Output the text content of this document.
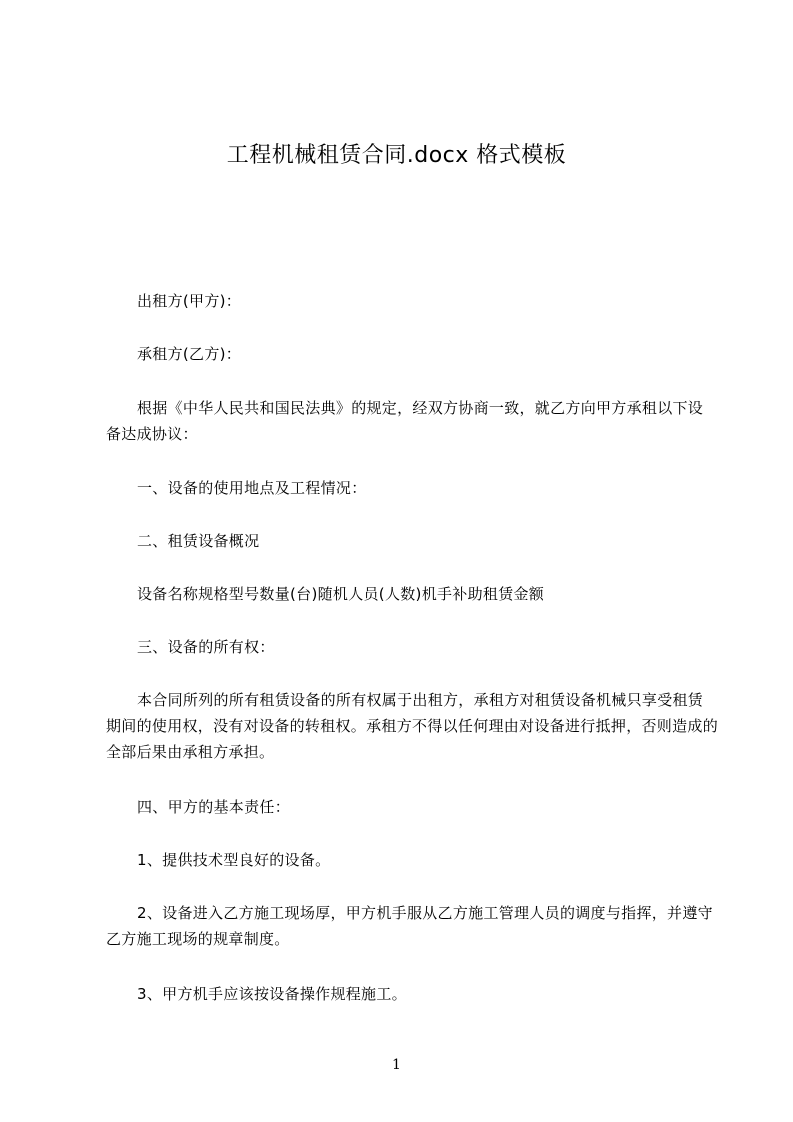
工程机械租赁合同.docx 格式模板

出租方(甲方)：

承租方(乙方)：

根据《中华人民共和国民法典》的规定，经双方协商一致，就乙方向甲方承租以下设备达成协议：

一、设备的使用地点及工程情况：

二、租赁设备概况

设备名称规格型号数量(台)随机人员(人数)机手补助租赁金额

三、设备的所有权：

本合同所列的所有租赁设备的所有权属于出租方，承租方对租赁设备机械只享受租赁期间的使用权，没有对设备的转租权。承租方不得以任何理由对设备进行抵押，否则造成的全部后果由承租方承担。

四、甲方的基本责任：

1、提供技术型良好的设备。

2、设备进入乙方施工现场厚，甲方机手服从乙方施工管理人员的调度与指挥，并遵守乙方施工现场的规章制度。

3、甲方机手应该按设备操作规程施工。

1
